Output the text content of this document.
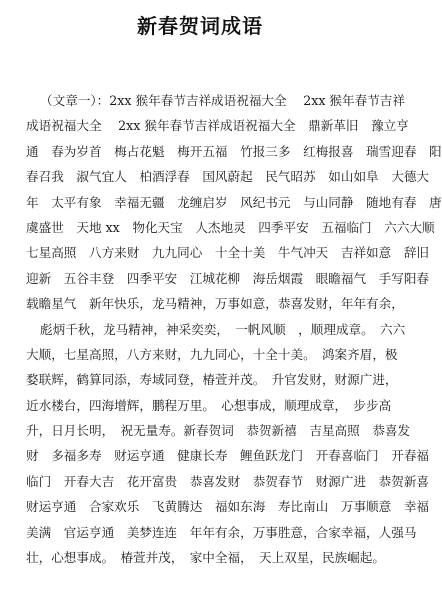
新春贺词成语
（文章一）：2xx 猴年春节吉祥成语祝福大全　 2xx 猴年春节吉祥
成语祝福大全　 2xx 猴年春节吉祥成语祝福大全　鼎新革旧　豫立亨
通　春为岁首　梅占花魁　梅开五福　竹报三多　红梅报喜　瑞雪迎春　阳
春召我　淑气宜人　柏酒浮春　国风蔚起　民气昭苏　如山如阜　大德大
年　太平有象　幸福无疆　龙缠启岁　风纪书元　与山同静　随地有春　唐
虞盛世　天地 xx　物化天宝　人杰地灵　四季平安　五福临门　六六大顺
七星高照　八方来财　九九同心　十全十美　牛气冲天　吉祥如意　辞旧
迎新　五谷丰登　四季平安　江城花柳　海岳烟霞　眼瞻福气　手写阳春
载瞻星气　新年快乐，龙马精神，万事如意，恭喜发财，年年有余，
彪炳千秋，龙马精神，神采奕奕，　一帆风顺　，顺理成章。　六六
大顺，七星高照，八方来财，九九同心，十全十美。　鸿案齐眉，极
婺联辉，鹤算同添，寿域同登，椿萱并茂。　升官发财，财源广进，
近水楼台，四海增辉，鹏程万里。　心想事成，顺理成章，　步步高
升，日月长明，　祝无量寿。新春贺词　恭贺新禧　吉星高照　恭喜发
财　多福多寿　财运亨通　健康长寿　鲤鱼跃龙门　开春喜临门　开春福
临门　开春大吉　花开富贵　恭喜发财　恭贺春节　财源广进　恭贺新喜
财运亨通　合家欢乐　飞黄腾达　福如东海　寿比南山　万事顺意　幸福
美满　官运亨通　美梦连连　年年有余，万事胜意，合家幸福，人强马
壮，心想事成。　椿萱并茂，　家中全福，　天上双星，民族崛起。
